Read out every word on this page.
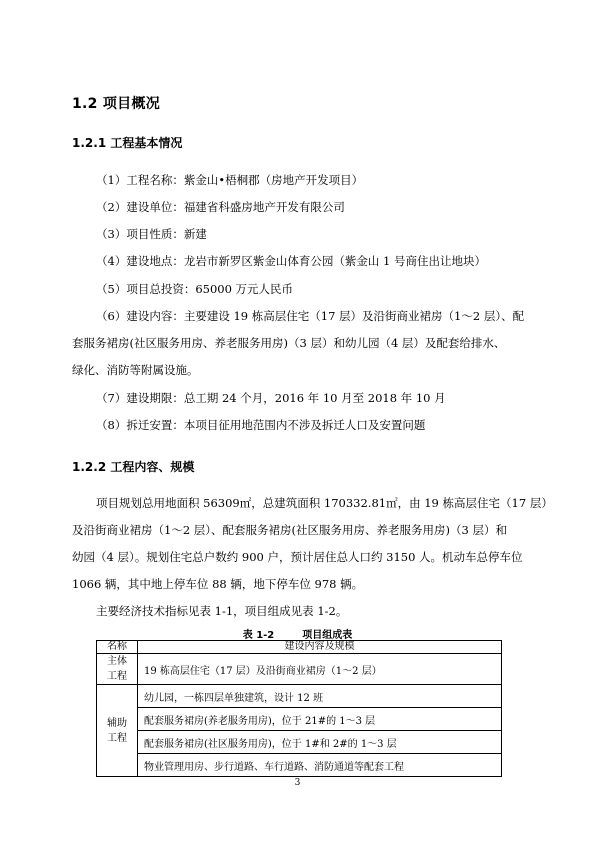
1.2 项目概况
1.2.1 工程基本情况
（1）工程名称：紫金山•梧桐郡（房地产开发项目）
（2）建设单位：福建省科盛房地产开发有限公司
（3）项目性质：新建
（4）建设地点：龙岩市新罗区紫金山体育公园（紫金山 1 号商住出让地块）
（5）项目总投资：65000 万元人民币
（6）建设内容：主要建设 19 栋高层住宅（17 层）及沿街商业裙房（1～2 层）、配
套服务裙房(社区服务用房、养老服务用房)（3 层）和幼儿园（4 层）及配套给排水、
绿化、消防等附属设施。
（7）建设期限：总工期 24 个月，2016 年 10 月至 2018 年 10 月
（8）拆迁安置：本项目征用地范围内不涉及拆迁人口及安置问题
1.2.2 工程内容、规模
项目规划总用地面积 56309㎡，总建筑面积 170332.81㎡，由 19 栋高层住宅（17 层）
及沿街商业裙房（1～2 层）、配套服务裙房(社区服务用房、养老服务用房)（3 层）和
幼园（4 层）。规划住宅总户数约 900 户，预计居住总人口约 3150 人。机动车总停车位
1066 辆，其中地上停车位 88 辆，地下停车位 978 辆。
主要经济技术指标见表 1-1，项目组成见表 1-2。
表 1-2	项目组成表
名称	建设内容及规模
主体
工程	19 栋高层住宅（17 层）及沿街商业裙房（1～2 层）
辅助
工程	幼儿园，一栋四层单独建筑，设计 12 班
	配套服务裙房(养老服务用房)，位于 21#的 1～3 层
	配套服务裙房(社区服务用房)，位于 1#和 2#的 1～3 层
	物业管理用房、步行道路、车行道路、消防通道等配套工程
3
